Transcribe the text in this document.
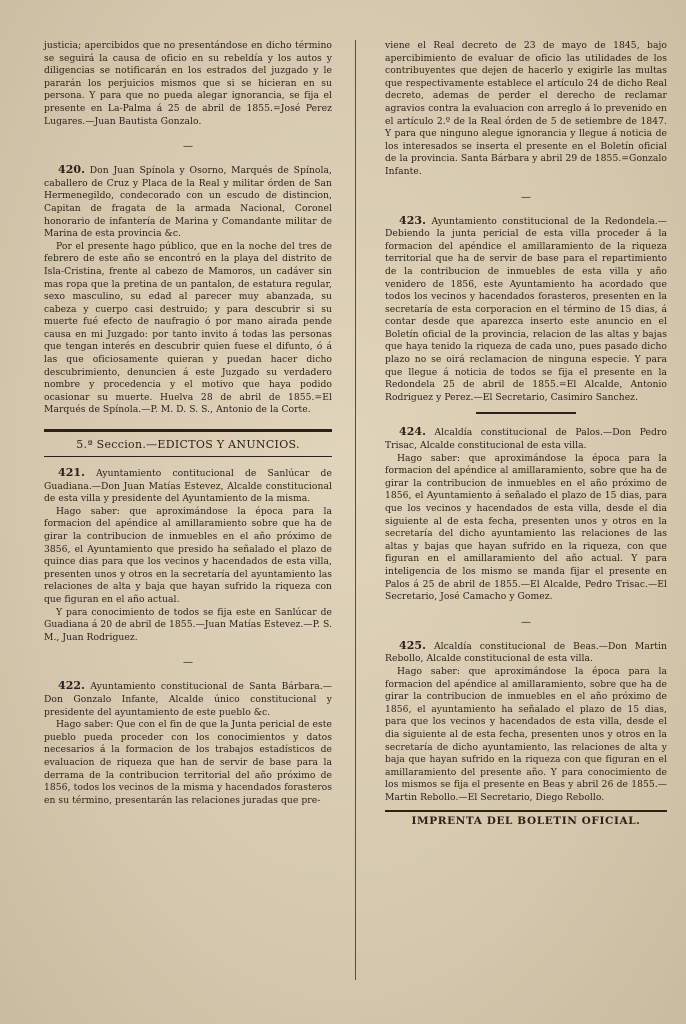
justicia; apercibidos que no presentándose en dicho término se seguirá la causa de oficio en su rebeldía y los autos y diligencias se notificarán en los estrados del juzgado y le pararán los perjuicios mismos que si se hicieran en su persona. Y para que no pueda alegar ignorancia, se fija el presente en La-Palma á 25 de abril de 1855.=José Perez Lugares.—Juan Bautista Gonzalo.

—

420. Don Juan Spínola y Osorno, Marqués de Spínola, caballero de Cruz y Placa de la Real y militar órden de San Hermenegildo, condecorado con un escudo de distincion, Capitan de fragata de la armada Nacional, Coronel honorario de infantería de Marina y Comandante militar de Marina de esta provincia &c.

Por el presente hago público, que en la noche del tres de febrero de este año se encontró en la playa del distrito de Isla-Cristina, frente al cabezo de Mamoros, un cadáver sin mas ropa que la pretina de un pantalon, de estatura regular, sexo masculino, su edad al parecer muy abanzada, su cabeza y cuerpo casi destruido; y para descubrir si su muerte fué efecto de naufragio ó por mano airada pende causa en mi Juzgado: por tanto invito á todas las personas que tengan interés en descubrir quien fuese el difunto, ó á las que oficiosamente quieran y puedan hacer dicho descubrimiento, denuncien á este Juzgado su verdadero nombre y procedencia y el motivo que haya podido ocasionar su muerte. Huelva 28 de abril de 1855.=El Marqués de Spínola.—P. M. D. S. S., Antonio de la Corte.

5.ª Seccion.—EDICTOS Y ANUNCIOS.

421. Ayuntamiento contitucional de Sanlúcar de Guadiana.—Don Juan Matías Estevez, Alcalde constitucional de esta villa y presidente del Ayuntamiento de la misma.

Hago saber: que aproximándose la época para la formacion del apéndice al amillaramiento sobre que ha de girar la contribucion de inmuebles en el año próximo de 3856, el Ayuntamiento que presido ha señalado el plazo de quince dias para que los vecinos y hacendados de esta villa, presenten unos y otros en la secretaría del ayuntamiento las relaciones de alta y baja que hayan sufrido la riqueza con que figuran en el año actual.

Y para conocimiento de todos se fija este en Sanlúcar de Guadiana á 20 de abril de 1855.—Juan Matías Estevez.—P. S. M., Juan Rodriguez.

—

422. Ayuntamiento constitucional de Santa Bárbara.—Don Gonzalo Infante, Alcalde único constitucional y presidente del ayuntamiento de este pueblo &c.

Hago saber: Que con el fin de que la Junta pericial de este pueblo pueda proceder con los conocimientos y datos necesarios á la formacion de los trabajos estadísticos de evaluacion de riqueza que han de servir de base para la derrama de la contribucion territorial del año próximo de 1856, todos los vecinos de la misma y hacendados forasteros en su término, presentarán las relaciones juradas que pre-

viene el Real decreto de 23 de mayo de 1845, bajo apercibimiento de evaluar de oficio las utilidades de los contribuyentes que dejen de hacerlo y exigirle las multas que respectivamente establece el artículo 24 de dicho Real decreto, ademas de perder el derecho de reclamar agravios contra la evaluacion con arreglo á lo prevenido en el artículo 2.º de la Real órden de 5 de setiembre de 1847. Y para que ninguno alegue ignorancia y llegue á noticia de los interesados se inserta el presente en el Boletín oficial de la provincia. Santa Bárbara y abril 29 de 1855.=Gonzalo Infante.

—

423. Ayuntamiento constitucional de la Redondela.—Debiendo la junta pericial de esta villa proceder á la formacion del apéndice el amillaramiento de la riqueza territorial que ha de servir de base para el repartimiento de la contribucion de inmuebles de esta villa y año venidero de 1856, este Ayuntamiento ha acordado que todos los vecinos y hacendados forasteros, presenten en la secretaría de esta corporacion en el término de 15 dias, á contar desde que aparezca inserto este anuncio en el Boletín oficial de la provincia, relacion de las altas y bajas que haya tenido la riqueza de cada uno, pues pasado dicho plazo no se oirá reclamacion de ninguna especie. Y para que llegue á noticia de todos se fija el presente en la Redondela 25 de abril de 1855.=El Alcalde, Antonio Rodriguez y Perez.—El Secretario, Casimiro Sanchez.

424. Alcaldía constitucional de Palos.—Don Pedro Trisac, Alcalde constitucional de esta villa.

Hago saber: que aproximándose la época para la formacion del apéndice al amillaramiento, sobre que ha de girar la contribucion de inmuebles en el año próximo de 1856, el Ayuntamiento á señalado el plazo de 15 dias, para que los vecinos y hacendados de esta villa, desde el dia siguiente al de esta fecha, presenten unos y otros en la secretaría del dicho ayuntamiento las relaciones de las altas y bajas que hayan sufrido en la riqueza, con que figuran en el amillaramiento del año actual. Y para inteligencia de los mismo se manda fijar el presente en Palos á 25 de abril de 1855.—El Alcalde, Pedro Trisac.—El Secretario, José Camacho y Gomez.

—

425. Alcaldía constitucional de Beas.—Don Martin Rebollo, Alcalde constitucional de esta villa.

Hago saber: que aproximándose la época para la formacion del apéndice al amillaramiento, sobre que ha de girar la contribucion de inmuebles en el año próximo de 1856, el ayuntamiento ha señalado el plazo de 15 dias, para que los vecinos y hacendados de esta villa, desde el dia siguiente al de esta fecha, presenten unos y otros en la secretaría de dicho ayuntamiento, las relaciones de alta y baja que hayan sufrido en la riqueza con que figuran en el amillaramiento del presente año. Y para conocimiento de los mismos se fija el presente en Beas y abril 26 de 1855.—Martin Rebollo.—El Secretario, Diego Rebollo.

IMPRENTA DEL BOLETIN OFICIAL.
